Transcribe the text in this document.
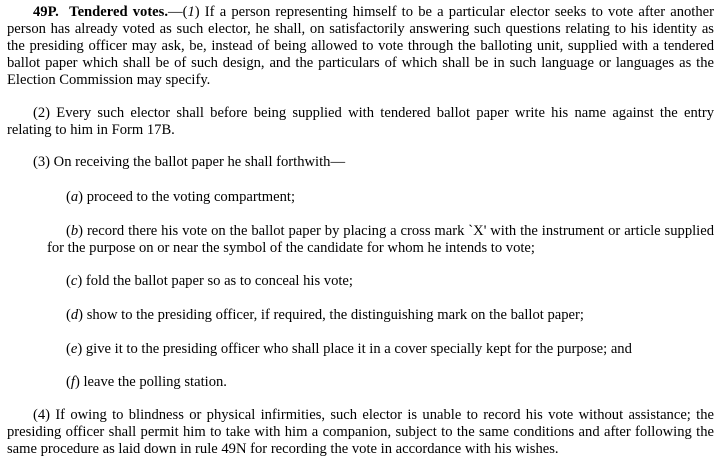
49P. Tendered votes.—(1) If a person representing himself to be a particular elector seeks to vote after another person has already voted as such elector, he shall, on satisfactorily answering such questions relating to his identity as the presiding officer may ask, be, instead of being allowed to vote through the balloting unit, supplied with a tendered ballot paper which shall be of such design, and the particulars of which shall be in such language or languages as the Election Commission may specify.

(2) Every such elector shall before being supplied with tendered ballot paper write his name against the entry relating to him in Form 17B.

(3) On receiving the ballot paper he shall forthwith—

(a) proceed to the voting compartment;

(b) record there his vote on the ballot paper by placing a cross mark `X' with the instrument or article supplied for the purpose on or near the symbol of the candidate for whom he intends to vote;

(c) fold the ballot paper so as to conceal his vote;

(d) show to the presiding officer, if required, the distinguishing mark on the ballot paper;

(e) give it to the presiding officer who shall place it in a cover specially kept for the purpose; and

(f) leave the polling station.

(4) If owing to blindness or physical infirmities, such elector is unable to record his vote without assistance; the presiding officer shall permit him to take with him a companion, subject to the same conditions and after following the same procedure as laid down in rule 49N for recording the vote in accordance with his wishes.
